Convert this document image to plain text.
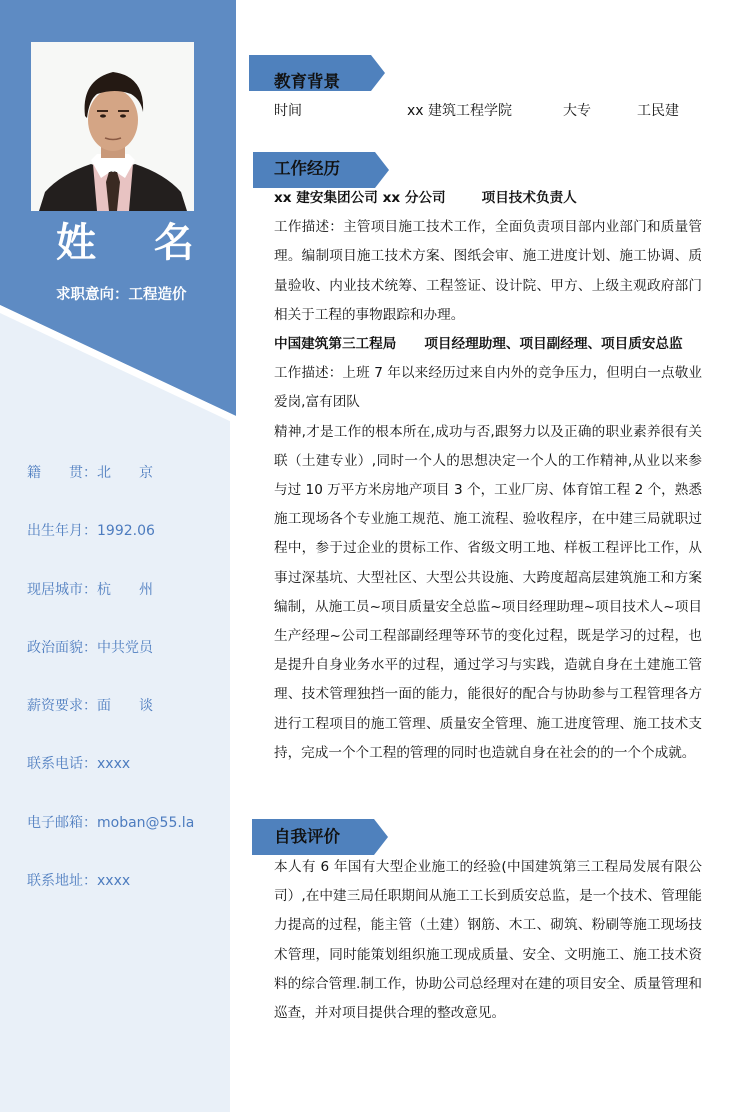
姓 名
求职意向：工程造价
籍　　贯：北　　京
出生年月：1992.06
现居城市：杭　　州
政治面貌：中共党员
薪资要求：面　　谈
联系电话：xxxx
电子邮箱：moban@55.la
联系地址：xxxx
教育背景
时间	xx 建筑工程学院	大专	工民建
工作经历
xx 建安集团公司 xx 分公司	项目技术负责人
工作描述：主管项目施工技术工作，全面负责项目部内业部门和质量管理。编制项目施工技术方案、图纸会审、施工进度计划、施工协调、质量验收、内业技术统筹、工程签证、设计院、甲方、上级主观政府部门相关于工程的事物跟踪和办理。
中国建筑第三工程局 项目经理助理、项目副经理、项目质安总监
工作描述：上班 7 年以来经历过来自内外的竞争压力，但明白一点敬业爱岗,富有团队
精神,才是工作的根本所在,成功与否,跟努力以及正确的职业素养很有关联（土建专业）,同时一个人的思想决定一个人的工作精神,从业以来参与过 10 万平方米房地产项目 3 个，工业厂房、体育馆工程 2 个，熟悉施工现场各个专业施工规范、施工流程、验收程序，在中建三局就职过程中，参于过企业的贯标工作、省级文明工地、样板工程评比工作，从事过深基坑、大型社区、大型公共设施、大跨度超高层建筑施工和方案编制，从施工员~项目质量安全总监~项目经理助理~项目技术人~项目生产经理~公司工程部副经理等环节的变化过程，既是学习的过程，也是提升自身业务水平的过程，通过学习与实践，造就自身在土建施工管理、技术管理独挡一面的能力，能很好的配合与协助参与工程管理各方进行工程项目的施工管理、质量安全管理、施工进度管理、施工技术支持，完成一个个工程的管理的同时也造就自身在社会的的一个个成就。
自我评价
本人有 6 年国有大型企业施工的经验(中国建筑第三工程局发展有限公司）,在中建三局任职期间从施工工长到质安总监，是一个技术、管理能力提高的过程，能主管（土建）钢筋、木工、砌筑、粉刷等施工现场技术管理，同时能策划组织施工现成质量、安全、文明施工、施工技术资料的综合管理.制工作，协助公司总经理对在建的项目安全、质量管理和巡查，并对项目提供合理的整改意见。
